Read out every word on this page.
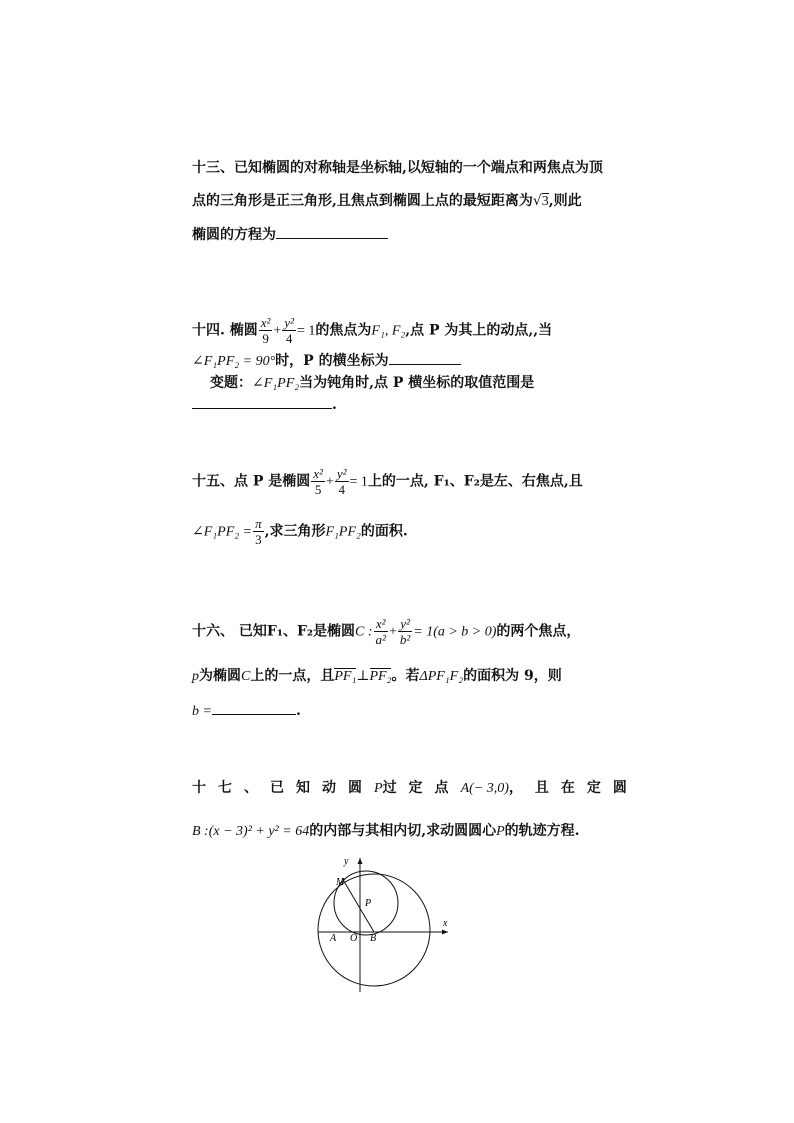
十三、已知椭圆的对称轴是坐标轴,以短轴的一个端点和两焦点为顶
点的三角形是正三角形,且焦点到椭圆上点的最短距离为√3,则此
椭圆的方程为
十四. 椭圆 $\frac{\text{x²}}{9} + \frac{\text{y²}}{4} = 1$的焦点为F₁, F₂,点 P 为其上的动点,,当
∠F₁PF₂ = 90°时，P 的横坐标为
变题：∠F₁PF₂当为钝角时,点 P 横坐标的取值范围是
.
十五、点 P 是椭圆 $\frac{\text{x²}}{5} + \frac{\text{y²}}{4} = 1$上的一点, F₁、F₂是左、右焦点,且
∠F₁PF₂ = $\frac{\pi}{3}$ ,求三角形F₁PF₂的面积.
十六、 已知F₁、F₂是椭圆C : $\frac{\text{x²}}{\text{a²}} + \frac{\text{y²}}{\text{b²}} = 1(a > b > 0)$的两个焦点，
p为椭圆C上的一点，且PF₁⊥PF₂。若ΔPF₁F₂的面积为 9，则
b =	.
十七、已知动圆P过定点A(− 3,0)，且在定圆
B :(x − 3)² + y² = 64的内部与其相内切,求动圆圆心P的轨迹方程.
y
x
M
P
A O B
